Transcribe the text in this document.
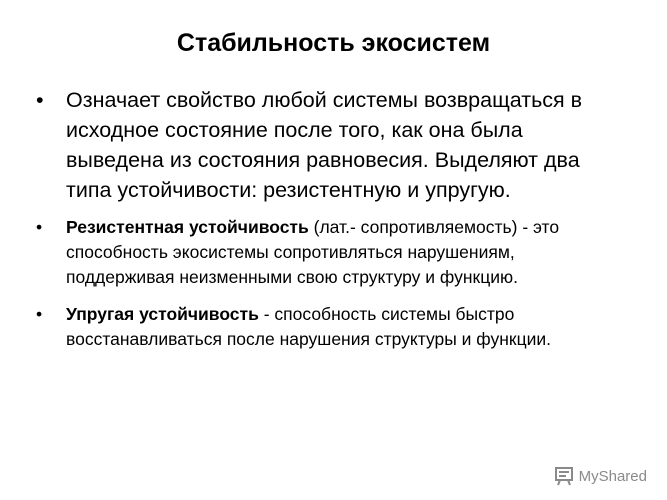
Стабильность экосистем
• Означает свойство любой системы возвращаться в исходное состояние после того, как она была выведена из состояния равновесия. Выделяют два типа устойчивости: резистентную и упругую.
• Резистентная устойчивость (лат.- сопротивляемость) - это способность экосистемы сопротивляться нарушениям, поддерживая неизменными свою структуру и функцию.
• Упругая устойчивость - способность системы быстро восстанавливаться после нарушения структуры и функции.
MyShared
